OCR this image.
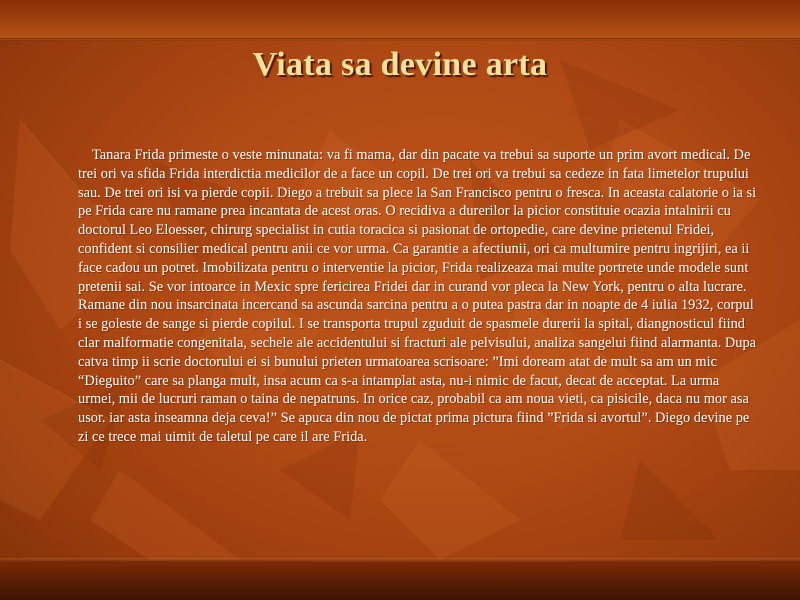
Viata sa devine arta

Tanara Frida primeste o veste minunata: va fi mama, dar din pacate va trebui sa suporte un prim avort medical. De trei ori va sfida Frida interdictia medicilor de a face un copil. De trei ori va trebui sa cedeze in fata limetelor trupului sau. De trei ori isi va pierde copii. Diego a trebuit sa plece la San Francisco pentru o fresca. In aceasta calatorie o ia si pe Frida care nu ramane prea incantata de acest oras. O recidiva a durerilor la picior constituie ocazia intalnirii cu doctorul Leo Eloesser, chirurg specialist in cutia toracica si pasionat de ortopedie, care devine prietenul Fridei, confident si consilier medical pentru anii ce vor urma. Ca garantie a afectiunii, ori ca multumire pentru ingrijiri, ea ii face cadou un potret. Imobilizata pentru o interventie la picior, Frida realizeaza mai multe portrete unde modele sunt pretenii sai. Se vor intoarce in Mexic spre fericirea Fridei dar in curand vor pleca la New York, pentru o alta lucrare. Ramane din nou insarcinata incercand sa ascunda sarcina pentru a o putea pastra dar in noapte de 4 iulia 1932, corpul i se goleste de sange si pierde copilul. I se transporta trupul zguduit de spasmele durerii la spital, diangnosticul fiind clar malformatie congenitala, sechele ale accidentului si fracturi ale pelvisului, analiza sangelui fiind alarmanta. Dupa catva timp ii scrie doctorului ei si bunului prieten urmatoarea scrisoare: ”Imi doream atat de mult sa am un mic “Dieguito” care sa planga mult, insa acum ca s-a intamplat asta, nu-i nimic de facut, decat de acceptat. La urma urmei, mii de lucruri raman o taina de nepatruns. In orice caz, probabil ca am noua vieti, ca pisicile, daca nu mor asa usor. iar asta inseamna deja ceva!” Se apuca din nou de pictat prima pictura fiind ”Frida si avortul”. Diego devine pe zi ce trece mai uimit de taletul pe care il are Frida.
